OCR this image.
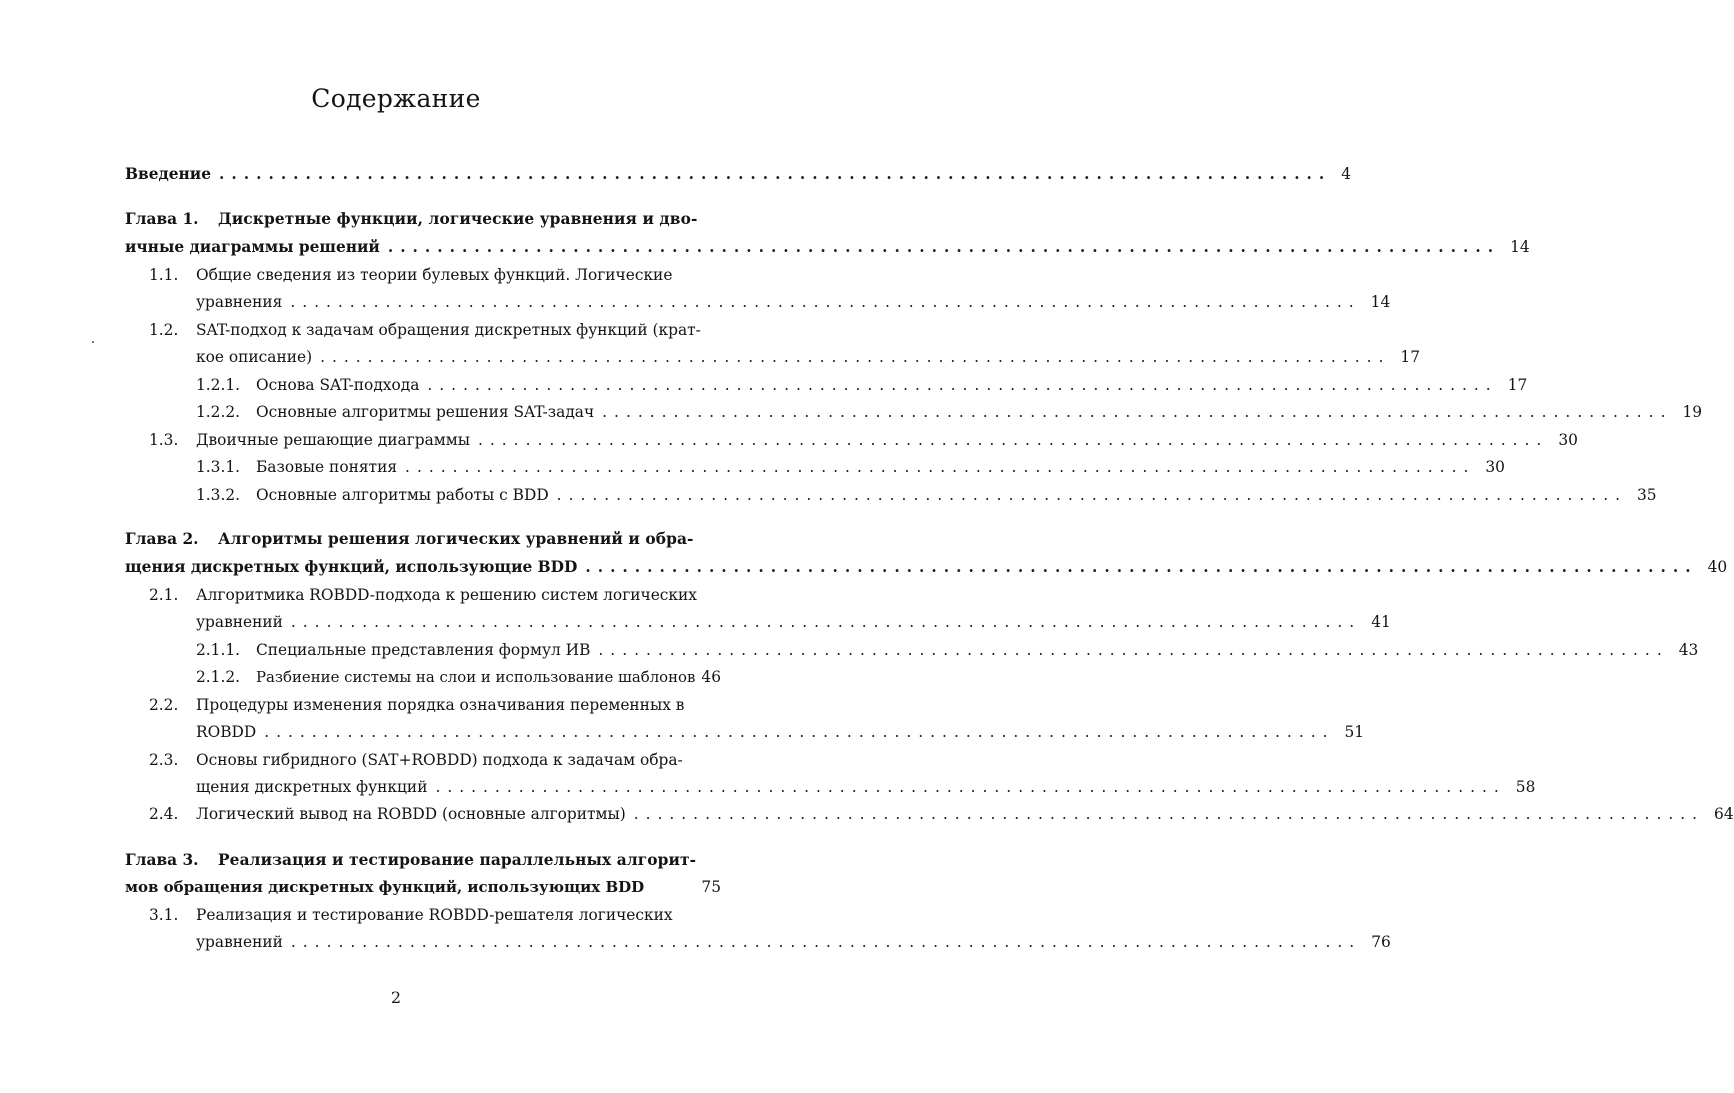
Содержание
Введение .......................................................................................... 4
Глава 1. Дискретные функции, логические уравнения и дво-
ичные диаграммы решений .......................................................................................... 14
1.1. Общие сведения из теории булевых функций. Логические
уравнения .......................................................................................... 14
1.2. SAT-подход к задачам обращения дискретных функций (крат-
кое описание) .......................................................................................... 17
1.2.1. Основа SAT-подхода .......................................................................................... 17
1.2.2. Основные алгоритмы решения SAT-задач .......................................................................................... 19
1.3. Двоичные решающие диаграммы .......................................................................................... 30
1.3.1. Базовые понятия .......................................................................................... 30
1.3.2. Основные алгоритмы работы с BDD .......................................................................................... 35
Глава 2. Алгоритмы решения логических уравнений и обра-
щения дискретных функций, использующие BDD .......................................................................................... 40
2.1. Алгоритмика ROBDD-подхода к решению систем логических
уравнений .......................................................................................... 41
2.1.1. Специальные представления формул ИВ .......................................................................................... 43
2.1.2. Разбиение системы на слои и использование шаблонов 46
2.2. Процедуры изменения порядка означивания переменных в
ROBDD .......................................................................................... 51
2.3. Основы гибридного (SAT+ROBDD) подхода к задачам обра-
щения дискретных функций .......................................................................................... 58
2.4. Логический вывод на ROBDD (основные алгоритмы) .......................................................................................... 64
Глава 3. Реализация и тестирование параллельных алгорит-
мов обращения дискретных функций, использующих BDD	75
3.1. Реализация и тестирование ROBDD-решателя логических
уравнений .......................................................................................... 76
2
